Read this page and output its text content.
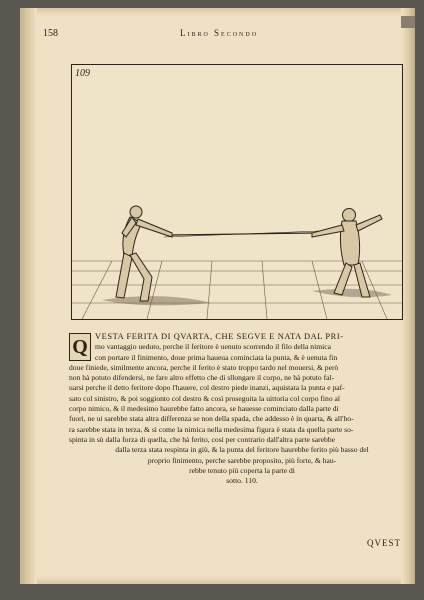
158	Libro Secondo
109
Q VESTA FERITA DI QVARTA, CHE SEGVE E NATA DAL PRI-
mo vantaggio ueduto, perche il feritore è uenuto scorrendo il filo della nimica
con portare il finimento, doue prima haueua cominciata la punta, & è uenuta fin
doue finiede, similmente ancora, perche il ferito è stato troppo tardo nel mouersi, & però
non hà potuto difendersi, ne fare altro effetto che di sllongare il corpo, ne hà potuto fal-
uarsi perche il detto feritore dopo l'hauere, col destro piede inanzi, aquistata la punta e paf-
sato col sinistro, & poi soggionto col destro & così proseguita la uittoria col corpo fino al
corpo nimico, & il medesimo haurebbe fatto ancora, se hauesse cominciato dalla parte di
fuori, ne ui sarebbe stata altra differenza se non della spada, che addesso è in quarta, & all'ho-
ra sarebbe stata in terza, & sì come la nimica nella medesima figura è stata da quella parte so-
spinta in sù dalla forza di quella, che hà ferito, così per contrario dall'altra parte sarebbe
dalla terza stata respinta in giù, & la punta del feritore haurebbe ferito più basso del
proprio finimento, perche sarebbe proposito, più forte, & hau-
rebbe tenuto più coperta la parte di
sotto. 110.
QVEST
